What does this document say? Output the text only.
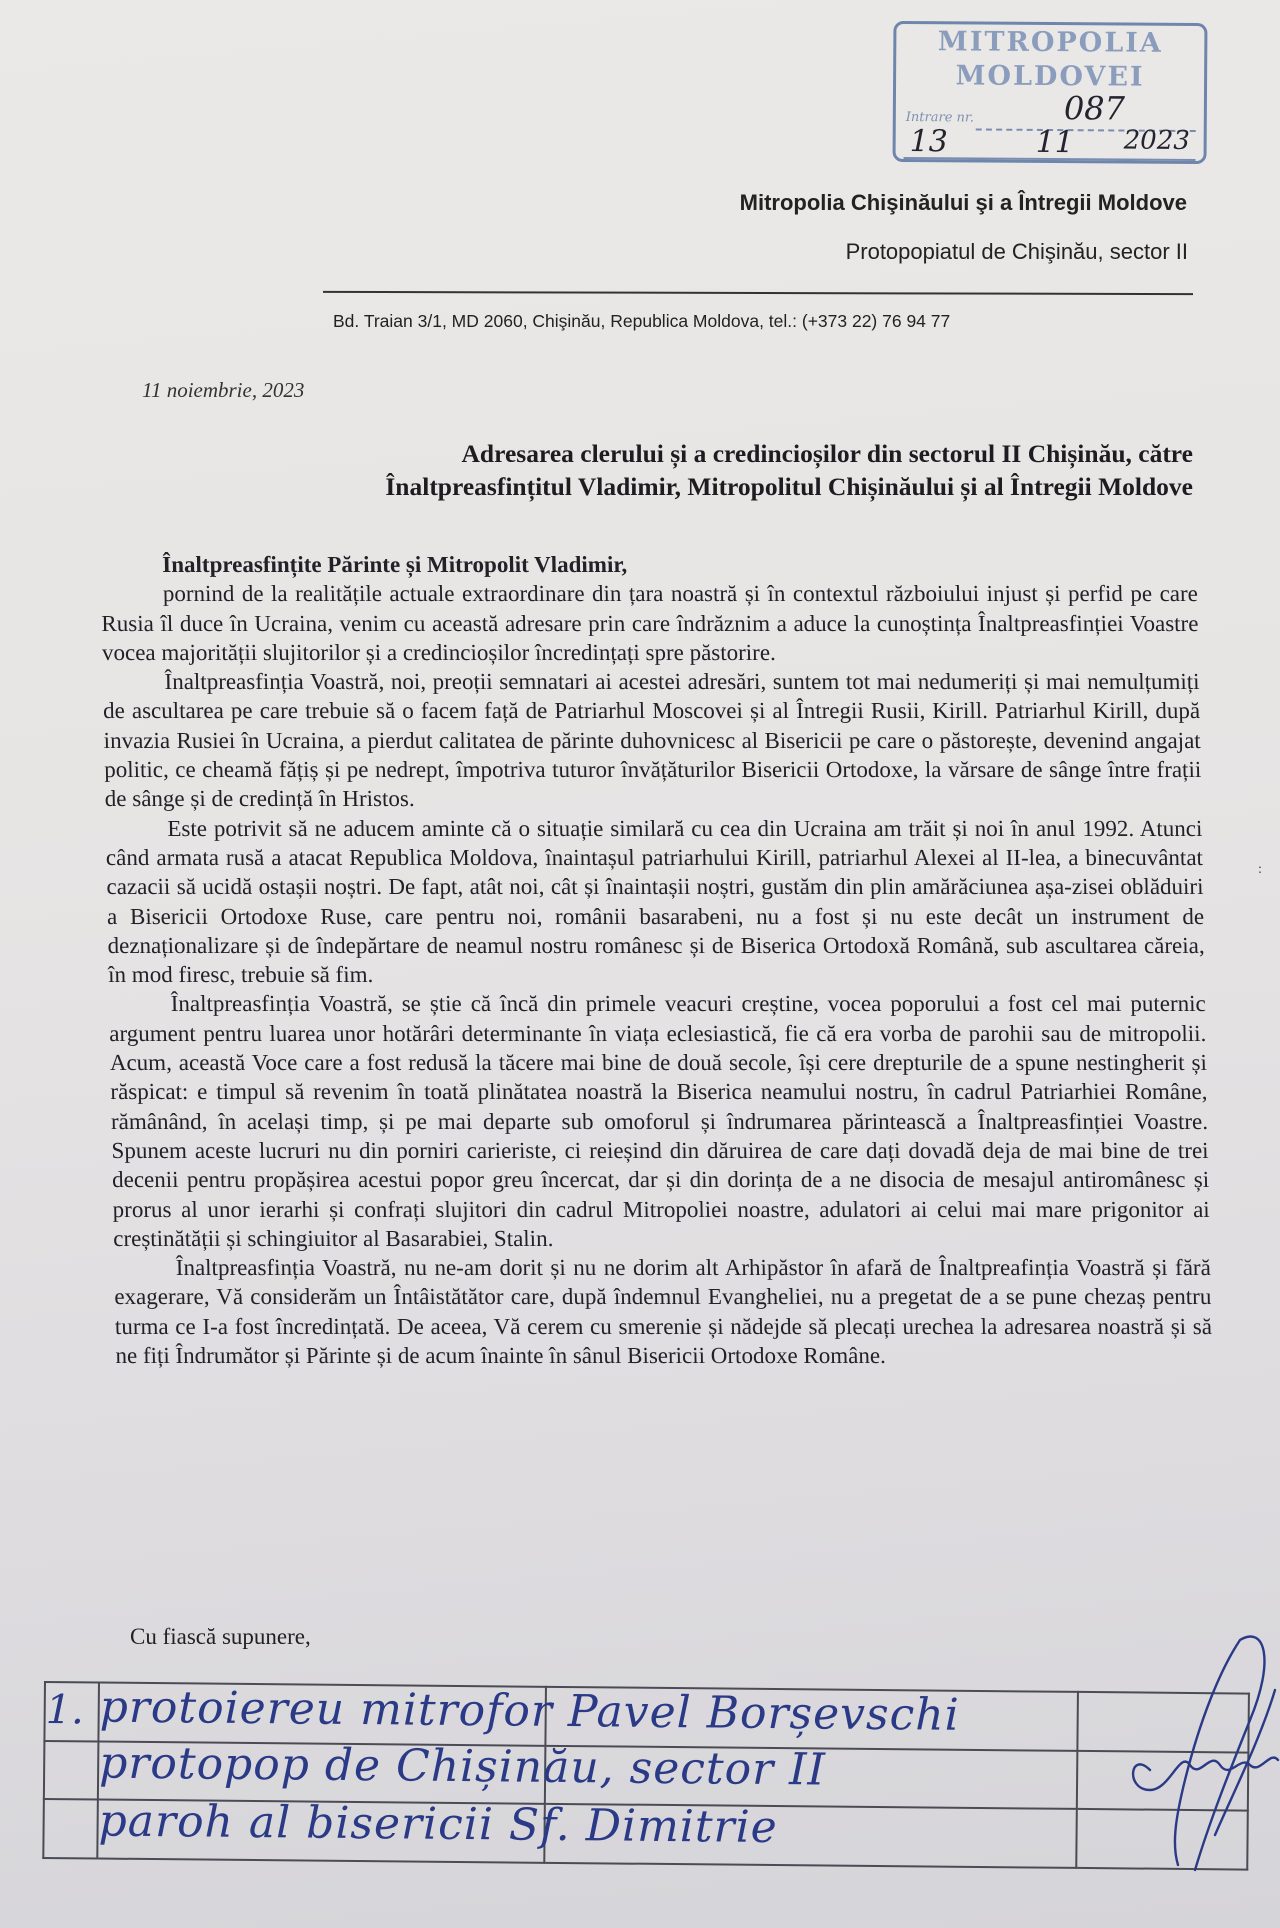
MITROPOLIA
MOLDOVEI
Intrare nr.	087
13	11 2023
Mitropolia Chişinăului şi a Întregii Moldove
Protopopiatul de Chişinău, sector II
Bd. Traian 3/1, MD 2060, Chişinău, Republica Moldova, tel.: (+373 22) 76 94 77
11 noiembrie, 2023
Adresarea clerului și a credincioșilor din sectorul II Chișinău, către
Înaltpreasfințitul Vladimir, Mitropolitul Chișinăului și al Întregii Moldove

Înaltpreasfințite Părinte și Mitropolit Vladimir,

pornind de la realitățile actuale extraordinare din țara noastră și în contextul războiului injust și perfid pe care Rusia îl duce în Ucraina, venim cu această adresare prin care îndrăznim a aduce la cunoștința Înaltpreasfinției Voastre vocea majorității slujitorilor și a credincioșilor încredințați spre păstorire.

Înaltpreasfinția Voastră, noi, preoții semnatari ai acestei adresări, suntem tot mai nedumeriți și mai nemulțumiți de ascultarea pe care trebuie să o facem față de Patriarhul Moscovei și al Întregii Rusii, Kirill. Patriarhul Kirill, după invazia Rusiei în Ucraina, a pierdut calitatea de părinte duhovnicesc al Bisericii pe care o păstorește, devenind angajat politic, ce cheamă fățiș și pe nedrept, împotriva tuturor învățăturilor Bisericii Ortodoxe, la vărsare de sânge între frații de sânge și de credință în Hristos.

Este potrivit să ne aducem aminte că o situație similară cu cea din Ucraina am trăit și noi în anul 1992. Atunci când armata rusă a atacat Republica Moldova, înaintașul patriarhului Kirill, patriarhul Alexei al II-lea, a binecuvântat cazacii să ucidă ostașii noștri. De fapt, atât noi, cât și înaintașii noștri, gustăm din plin amărăciunea așa-zisei oblăduiri a Bisericii Ortodoxe Ruse, care pentru noi, românii basarabeni, nu a fost și nu este decât un instrument de deznaționalizare și de îndepărtare de neamul nostru românesc și de Biserica Ortodoxă Română, sub ascultarea căreia, în mod firesc, trebuie să fim.

Înaltpreasfinția Voastră, se știe că încă din primele veacuri creștine, vocea poporului a fost cel mai puternic argument pentru luarea unor hotărâri determinante în viața eclesiastică, fie că era vorba de parohii sau de mitropolii. Acum, această Voce care a fost redusă la tăcere mai bine de două secole, își cere drepturile de a spune nestingherit și răspicat: e timpul să revenim în toată plinătatea noastră la Biserica neamului nostru, în cadrul Patriarhiei Române, rămânând, în același timp, și pe mai departe sub omoforul și îndrumarea părintească a Înaltpreasfinției Voastre. Spunem aceste lucruri nu din porniri carieriste, ci reieșind din dăruirea de care dați dovadă deja de mai bine de trei decenii pentru propășirea acestui popor greu încercat, dar și din dorința de a ne disocia de mesajul antiromânesc și prorus al unor ierarhi și confrați slujitori din cadrul Mitropoliei noastre, adulatori ai celui mai mare prigonitor ai creștinătății și schingiuitor al Basarabiei, Stalin.

Înaltpreasfinția Voastră, nu ne-am dorit și nu ne dorim alt Arhipăstor în afară de Înaltpreafinția Voastră și fără exagerare, Vă considerăm un Întâistătător care, după îndemnul Evangheliei, nu a pregetat de a se pune chezaș pentru turma ce I-a fost încredințată. De aceea, Vă cerem cu smerenie și nădejde să plecați urechea la adresarea noastră și să ne fiți Îndrumător și Părinte și de acum înainte în sânul Bisericii Ortodoxe Române.

Cu fiască supunere,

1. protoiereu mitrofor Pavel Borșevschi
protopop de Chișinău, sector II
paroh al bisericii Sf. Dimitrie
:
